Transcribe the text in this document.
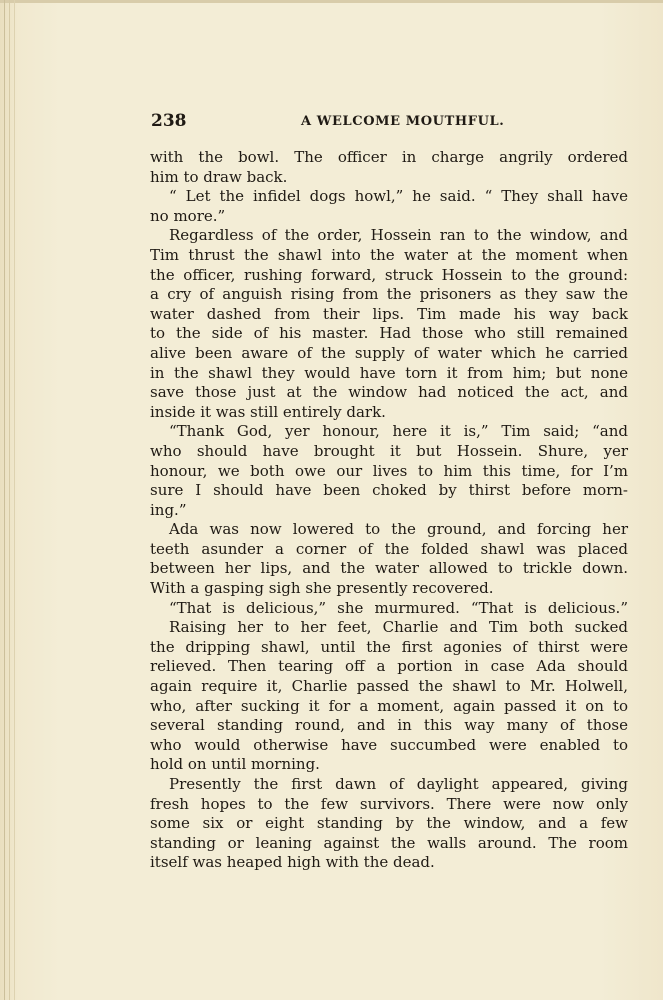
238	A WELCOME MOUTHFUL.
with the bowl. The officer in charge angrily ordered
him to draw back.
“ Let the infidel dogs howl,” he said. “ They shall have
no more.”
Regardless of the order, Hossein ran to the window, and
Tim thrust the shawl into the water at the moment when
the officer, rushing forward, struck Hossein to the ground:
a cry of anguish rising from the prisoners as they saw the
water dashed from their lips. Tim made his way back
to the side of his master. Had those who still remained
alive been aware of the supply of water which he carried
in the shawl they would have torn it from him; but none
save those just at the window had noticed the act, and
inside it was still entirely dark.
“Thank God, yer honour, here it is,” Tim said; “and
who should have brought it but Hossein. Shure, yer
honour, we both owe our lives to him this time, for I’m
sure I should have been choked by thirst before morn-
ing.”
Ada was now lowered to the ground, and forcing her
teeth asunder a corner of the folded shawl was placed
between her lips, and the water allowed to trickle down.
With a gasping sigh she presently recovered.
“That is delicious,” she murmured. “That is delicious.”
Raising her to her feet, Charlie and Tim both sucked
the dripping shawl, until the first agonies of thirst were
relieved. Then tearing off a portion in case Ada should
again require it, Charlie passed the shawl to Mr. Holwell,
who, after sucking it for a moment, again passed it on to
several standing round, and in this way many of those
who would otherwise have succumbed were enabled to
hold on until morning.
Presently the first dawn of daylight appeared, giving
fresh hopes to the few survivors. There were now only
some six or eight standing by the window, and a few
standing or leaning against the walls around. The room
itself was heaped high with the dead.
